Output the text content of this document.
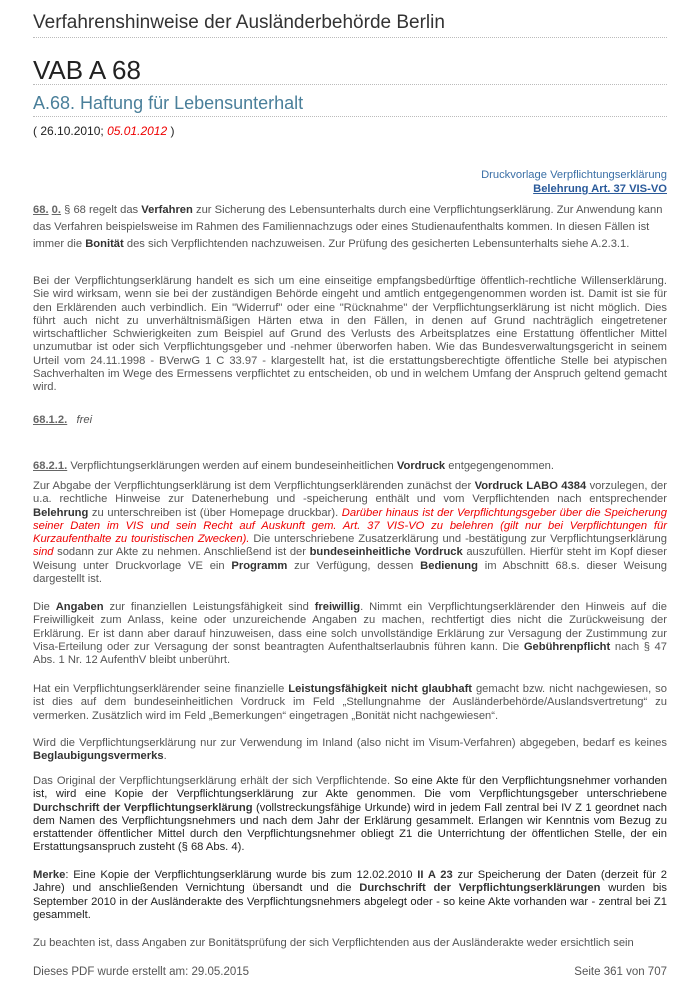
Verfahrenshinweise der Ausländerbehörde Berlin
VAB A 68
A.68. Haftung für Lebensunterhalt
( 26.10.2010; 05.01.2012 )
Druckvorlage Verpflichtungserklärung
Belehrung Art. 37 VIS-VO
68. 0. § 68 regelt das Verfahren zur Sicherung des Lebensunterhalts durch eine Verpflichtungserklärung. Zur Anwendung kann das Verfahren beispielsweise im Rahmen des Familiennachzugs oder eines Studienaufenthalts kommen. In diesen Fällen ist immer die Bonität des sich Verpflichtenden nachzuweisen. Zur Prüfung des gesicherten Lebensunterhalts siehe A.2.3.1.
Bei der Verpflichtungserklärung handelt es sich um eine einseitige empfangsbedürftige öffentlich-rechtliche Willenserklärung. Sie wird wirksam, wenn sie bei der zuständigen Behörde eingeht und amtlich entgegengenommen worden ist. Damit ist sie für den Erklärenden auch verbindlich. Ein "Widerruf" oder eine "Rücknahme" der Verpflichtungserklärung ist nicht möglich. Dies führt auch nicht zu unverhältnismäßigen Härten etwa in den Fällen, in denen auf Grund nachträglich eingetretener wirtschaftlicher Schwierigkeiten zum Beispiel auf Grund des Verlusts des Arbeitsplatzes eine Erstattung öffentlicher Mittel unzumutbar ist oder sich Verpflichtungsgeber und -nehmer überworfen haben. Wie das Bundesverwaltungsgericht in seinem Urteil vom 24.11.1998 - BVerwG 1 C 33.97 - klargestellt hat, ist die erstattungsberechtigte öffentliche Stelle bei atypischen Sachverhalten im Wege des Ermessens verpflichtet zu entscheiden, ob und in welchem Umfang der Anspruch geltend gemacht wird.
68.1.2. frei
68.2.1. Verpflichtungserklärungen werden auf einem bundeseinheitlichen Vordruck entgegengenommen.
Zur Abgabe der Verpflichtungserklärung ist dem Verpflichtungserklärenden zunächst der Vordruck LABO 4384 vorzulegen, der u.a. rechtliche Hinweise zur Datenerhebung und -speicherung enthält und vom Verpflichtenden nach entsprechender Belehrung zu unterschreiben ist (über Homepage druckbar). Darüber hinaus ist der Verpflichtungsgeber über die Speicherung seiner Daten im VIS und sein Recht auf Auskunft gem. Art. 37 VIS-VO zu belehren (gilt nur bei Verpflichtungen für Kurzaufenthalte zu touristischen Zwecken). Die unterschriebene Zusatzerklärung und -bestätigung zur Verpflichtungserklärung sind sodann zur Akte zu nehmen. Anschließend ist der bundeseinheitliche Vordruck auszufüllen. Hierfür steht im Kopf dieser Weisung unter Druckvorlage VE ein Programm zur Verfügung, dessen Bedienung im Abschnitt 68.s. dieser Weisung dargestellt ist.
Die Angaben zur finanziellen Leistungsfähigkeit sind freiwillig. Nimmt ein Verpflichtungserklärender den Hinweis auf die Freiwilligkeit zum Anlass, keine oder unzureichende Angaben zu machen, rechtfertigt dies nicht die Zurückweisung der Erklärung. Er ist dann aber darauf hinzuweisen, dass eine solch unvollständige Erklärung zur Versagung der Zustimmung zur Visa-Erteilung oder zur Versagung der sonst beantragten Aufenthaltserlaubnis führen kann. Die Gebührenpflicht nach § 47 Abs. 1 Nr. 12 AufenthV bleibt unberührt.
Hat ein Verpflichtungserklärender seine finanzielle Leistungsfähigkeit nicht glaubhaft gemacht bzw. nicht nachgewiesen, so ist dies auf dem bundeseinheitlichen Vordruck im Feld „Stellungnahme der Ausländerbehörde/Auslandsvertretung“ zu vermerken. Zusätzlich wird im Feld „Bemerkungen“ eingetragen „Bonität nicht nachgewiesen“.
Wird die Verpflichtungserklärung nur zur Verwendung im Inland (also nicht im Visum-Verfahren) abgegeben, bedarf es keines Beglaubigungsvermerks.
Das Original der Verpflichtungserklärung erhält der sich Verpflichtende. So eine Akte für den Verpflichtungsnehmer vorhanden ist, wird eine Kopie der Verpflichtungserklärung zur Akte genommen. Die vom Verpflichtungsgeber unterschriebene Durchschrift der Verpflichtungserklärung (vollstreckungsfähige Urkunde) wird in jedem Fall zentral bei IV Z 1 geordnet nach dem Namen des Verpflichtungsnehmers und nach dem Jahr der Erklärung gesammelt. Erlangen wir Kenntnis vom Bezug zu erstattender öffentlicher Mittel durch den Verpflichtungsnehmer obliegt Z1 die Unterrichtung der öffentlichen Stelle, der ein Erstattungsanspruch zusteht (§ 68 Abs. 4).
Merke: Eine Kopie der Verpflichtungserklärung wurde bis zum 12.02.2010 II A 23 zur Speicherung der Daten (derzeit für 2 Jahre) und anschließenden Vernichtung übersandt und die Durchschrift der Verpflichtungserklärungen wurden bis September 2010 in der Ausländerakte des Verpflichtungsnehmers abgelegt oder - so keine Akte vorhanden war - zentral bei Z1 gesammelt.
Zu beachten ist, dass Angaben zur Bonitätsprüfung der sich Verpflichtenden aus der Ausländerakte weder ersichtlich sein
Dieses PDF wurde erstellt am: 29.05.2015	Seite 361 von 707
